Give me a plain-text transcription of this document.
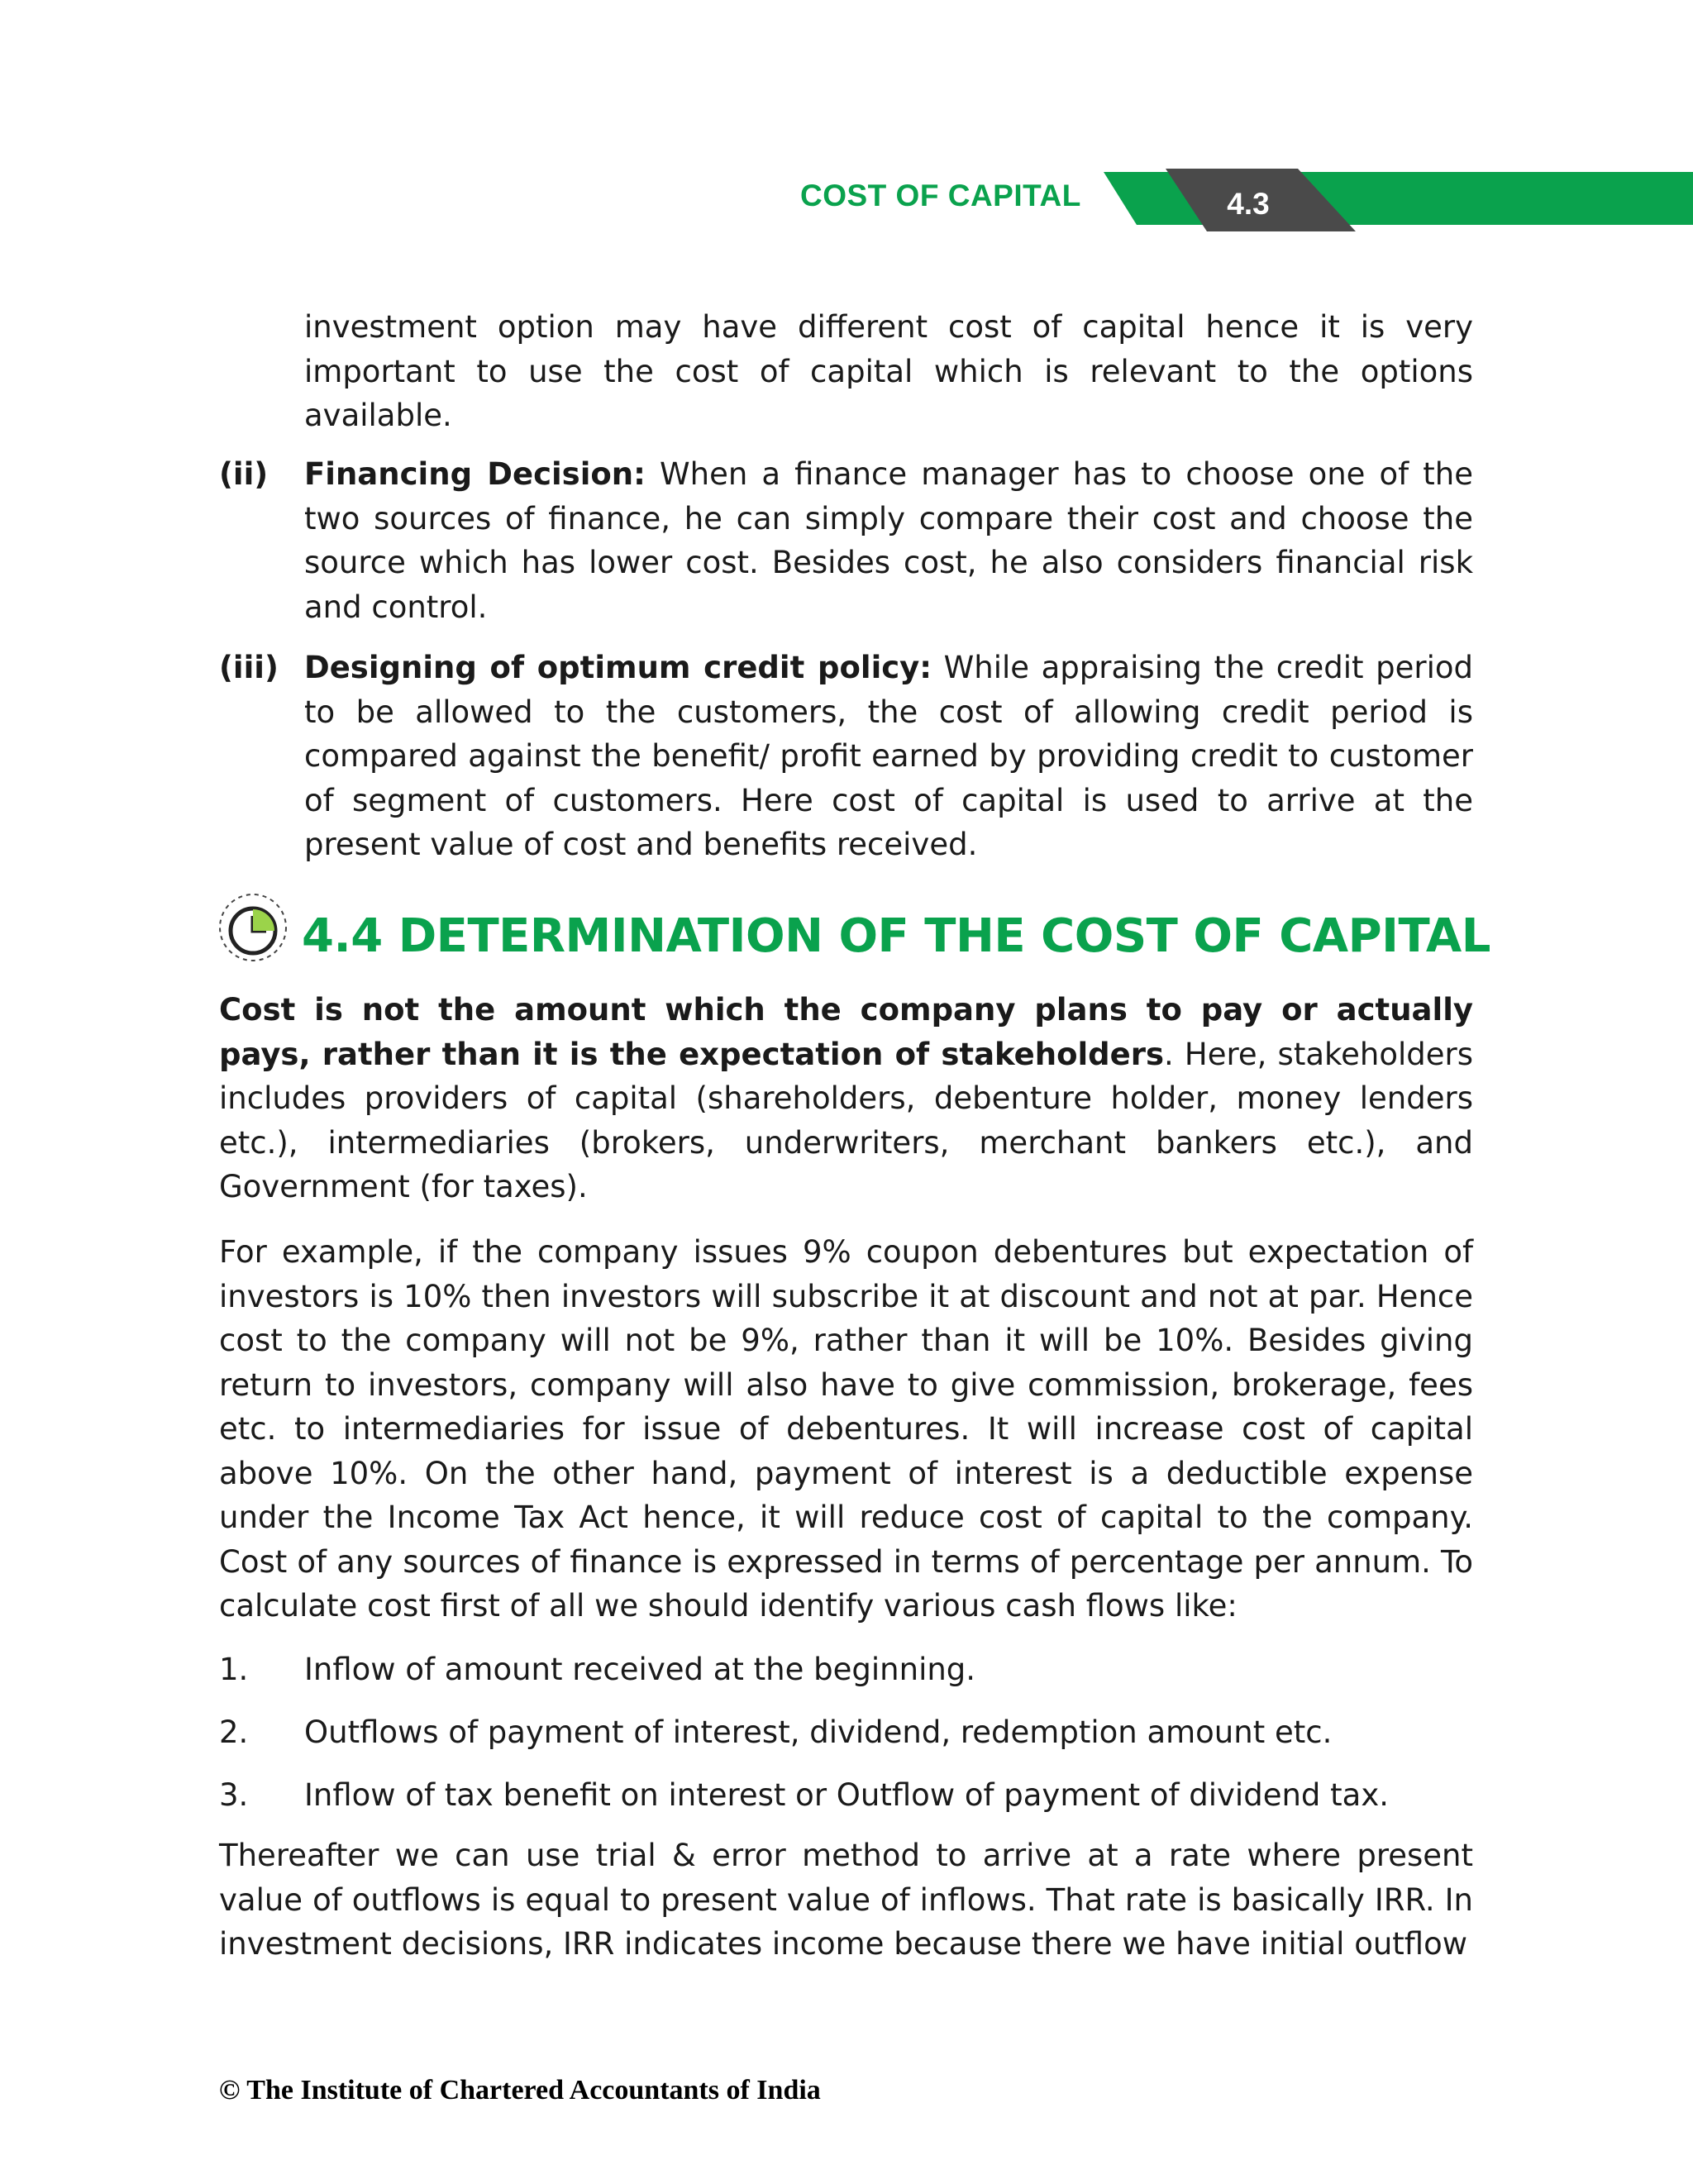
COST OF CAPITAL	4.3

investment option may have different cost of capital hence it is very important to use the cost of capital which is relevant to the options available.

(ii) Financing Decision: When a finance manager has to choose one of the two sources of finance, he can simply compare their cost and choose the source which has lower cost. Besides cost, he also considers financial risk and control.

(iii) Designing of optimum credit policy: While appraising the credit period to be allowed to the customers, the cost of allowing credit period is compared against the benefit/ profit earned by providing credit to customer of segment of customers. Here cost of capital is used to arrive at the present value of cost and benefits received.

4.4 DETERMINATION OF THE COST OF CAPITAL

Cost is not the amount which the company plans to pay or actually pays, rather than it is the expectation of stakeholders. Here, stakeholders includes providers of capital (shareholders, debenture holder, money lenders etc.), intermediaries (brokers, underwriters, merchant bankers etc.), and Government (for taxes).

For example, if the company issues 9% coupon debentures but expectation of investors is 10% then investors will subscribe it at discount and not at par. Hence cost to the company will not be 9%, rather than it will be 10%. Besides giving return to investors, company will also have to give commission, brokerage, fees etc. to intermediaries for issue of debentures. It will increase cost of capital above 10%. On the other hand, payment of interest is a deductible expense under the Income Tax Act hence, it will reduce cost of capital to the company. Cost of any sources of finance is expressed in terms of percentage per annum. To calculate cost first of all we should identify various cash flows like:

1. Inflow of amount received at the beginning.

2. Outflows of payment of interest, dividend, redemption amount etc.

3. Inflow of tax benefit on interest or Outflow of payment of dividend tax.

Thereafter we can use trial & error method to arrive at a rate where present value of outflows is equal to present value of inflows. That rate is basically IRR. In investment decisions, IRR indicates income because there we have initial outflow

© The Institute of Chartered Accountants of India
